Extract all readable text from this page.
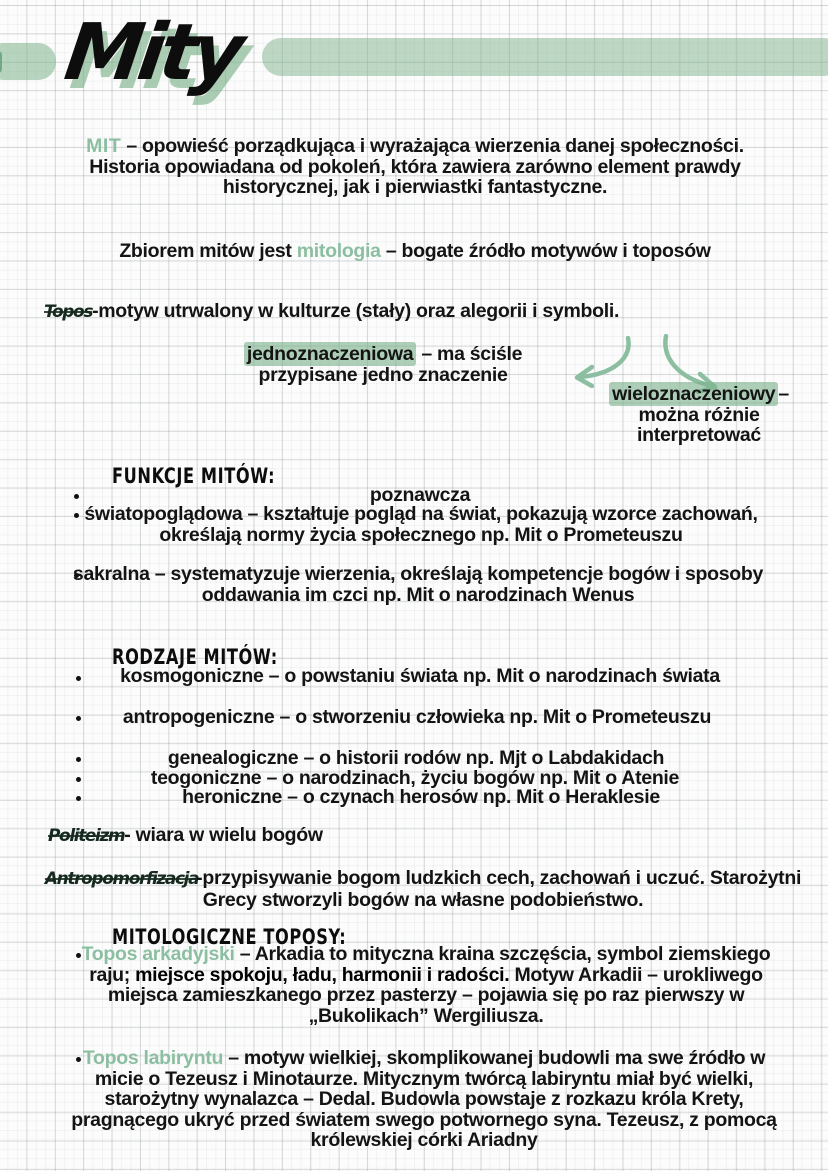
Mity
MIT – opowieść porządkująca i wyrażająca wierzenia danej społeczności. Historia opowiadana od pokoleń, która zawiera zarówno element prawdy historycznej, jak i pierwiastki fantastyczne.
Zbiorem mitów jest mitologia – bogate źródło motywów i toposów
Topos-motyw utrwalony w kulturze (stały) oraz alegorii i symboli.
jednoznaczeniowa – ma ściśle przypisane jedno znaczenie
wieloznaczeniowy – można różnie interpretować
FUNKCJE MITÓW:
poznawcza
światopoglądowa – kształtuje pogląd na świat, pokazują wzorce zachowań, określają normy życia społecznego np. Mit o Prometeuszu
sakralna – systematyzuje wierzenia, określają kompetencje bogów i sposoby oddawania im czci np. Mit o narodzinach Wenus
RODZAJE MITÓW:
kosmogoniczne – o powstaniu świata np. Mit o narodzinach świata
antropogeniczne – o stworzeniu człowieka np. Mit o Prometeuszu
genealogiczne – o historii rodów np. Mjt o Labdakidach
teogoniczne – o narodzinach, życiu bogów np. Mit o Atenie
heroniczne – o czynach herosów np. Mit o Heraklesie
Politeizm- wiara w wielu bogów
Antropomorfizacja-przypisywanie bogom ludzkich cech, zachowań i uczuć. Starożytni Grecy stworzyli bogów na własne podobieństwo.
MITOLOGICZNE TOPOSY:
Topos arkadyjski – Arkadia to mityczna kraina szczęścia, symbol ziemskiego raju; miejsce spokoju, ładu, harmonii i radości. Motyw Arkadii – urokliwego miejsca zamieszkanego przez pasterzy – pojawia się po raz pierwszy w „Bukolikach” Wergiliusza.
Topos labiryntu – motyw wielkiej, skomplikowanej budowli ma swe źródło w micie o Tezeusz i Minotaurze. Mitycznym twórcą labiryntu miał być wielki, starożytny wynalazca – Dedal. Budowla powstaje z rozkazu króla Krety, pragnącego ukryć przed światem swego potwornego syna. Tezeusz, z pomocą królewskiej córki Ariadny
